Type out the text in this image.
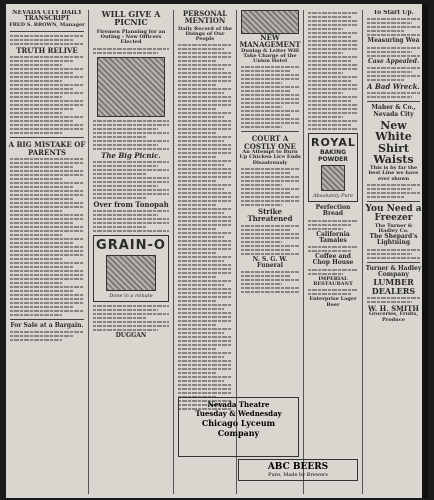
NEVADA CITY DAILY TRANSCRIPT
FRED S. BROWN, Manager
TRUTH RELIVE
A BIG MISTAKE OF PARENTS
For Sale at a Bargain.
WILL GIVE A PICNIC
Firemen Planning for an Outing - New Officers Elected
The Big Picnic.
Over from Tonopah
GRAIN-O
Done in a minute
DUGGAN
PERSONAL MENTION
Daily Record of the Doings of Our People	NEW MANAGEMENT
Dunlap & Leiter Will Take Charge of the Union Hotel
COURT A COSTLY ONE
An Attempt to Burn Up Chicken Lice Ends Disastrously
Strike Threatened
N. S. G. W. Funeral
ROYAL
BAKING POWDER
Absolutely Pure
Perfection Bread
California Tamales
Coffee and Chop House
IMPERIAL RESTAURANT
Enterprise Lager Beer
Nevada Theatre
Tuesday & Wednesday
Chicago Lyceum Company
ABC BEERS
Pure, Made by Brewers
To Start Up.
Measuring Wea
Case Appealed.
A Bad Wreck.
Maher & Co., Nevada City
New White Shirt Waists
This is by far the best Line we have ever shown
You Need a Freezer
The Turner & Hadley Co.
The Shepard's Lightning
Turner & Hadley Company
LUMBER DEALERS
W. H. SMITH
Groceries, Fruits, Produce
